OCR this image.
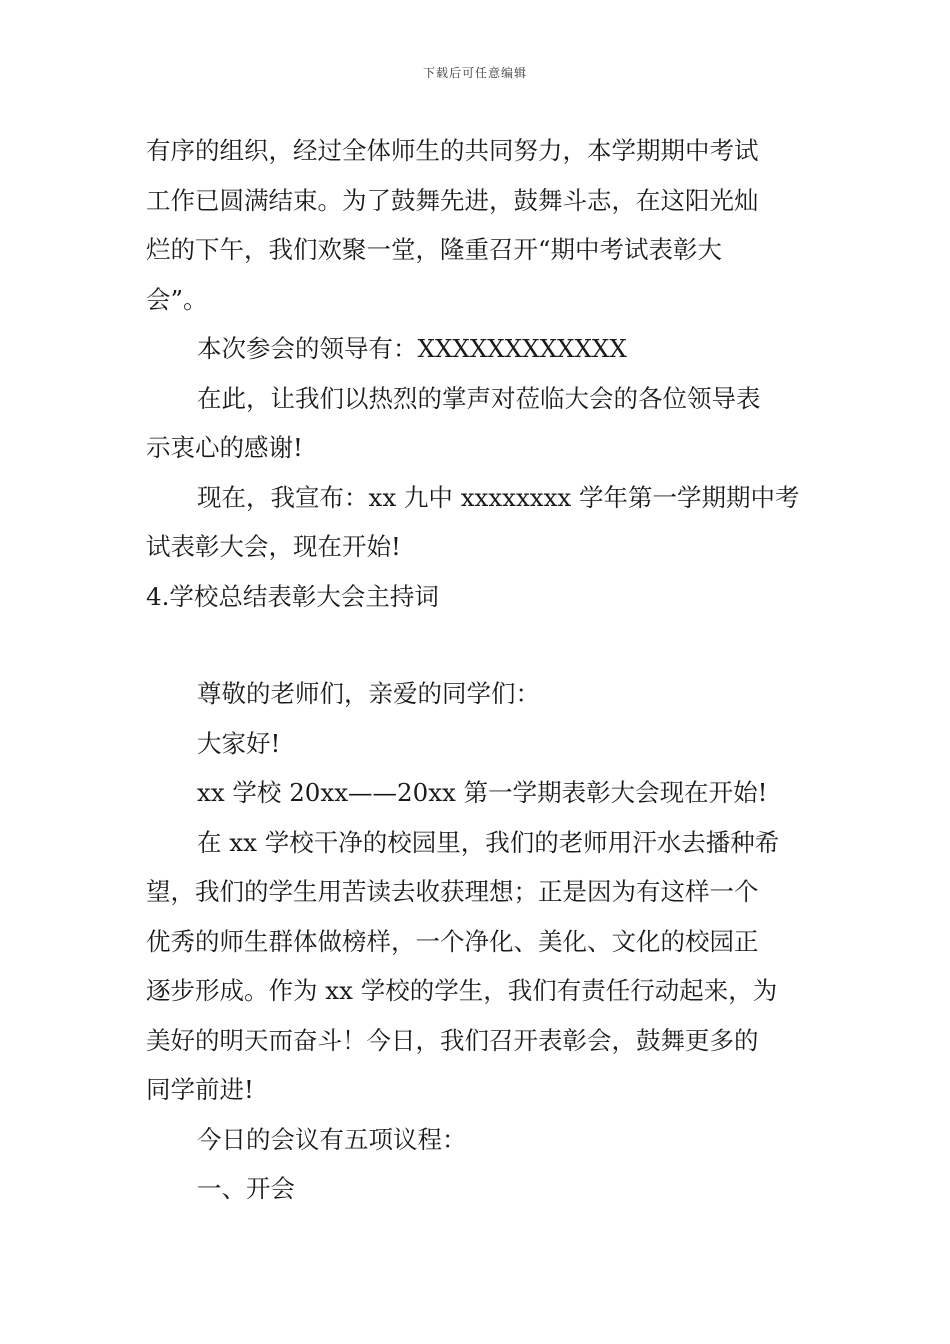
下载后可任意编辑
有序的组织，经过全体师生的共同努力，本学期期中考试
工作已圆满结束。为了鼓舞先进，鼓舞斗志，在这阳光灿
烂的下午，我们欢聚一堂，隆重召开“期中考试表彰大
会”。
本次参会的领导有：XXXXXXXXXXXX
在此，让我们以热烈的掌声对莅临大会的各位领导表
示衷心的感谢!
现在，我宣布：xx 九中 xxxxxxxx 学年第一学期期中考
试表彰大会，现在开始!
4.学校总结表彰大会主持词
尊敬的老师们，亲爱的同学们：
大家好!
xx 学校 20xx——20xx 第一学期表彰大会现在开始!
在 xx 学校干净的校园里，我们的老师用汗水去播种希
望，我们的学生用苦读去收获理想；正是因为有这样一个
优秀的师生群体做榜样，一个净化、美化、文化的校园正
逐步形成。作为 xx 学校的学生，我们有责任行动起来，为
美好的明天而奋斗！今日，我们召开表彰会，鼓舞更多的
同学前进!
今日的会议有五项议程：
一、开会
